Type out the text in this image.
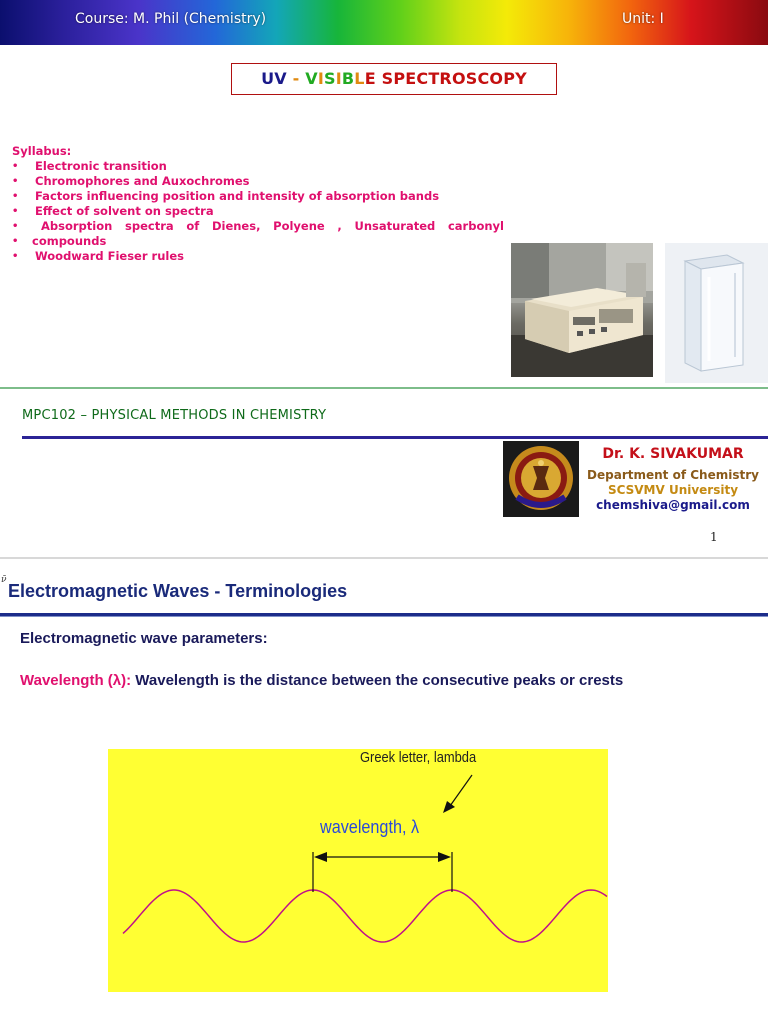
Course: M. Phil (Chemistry)	Unit: I
UV - VISIBLE SPECTROSCOPY
Syllabus:
• Electronic transition
• Chromophores and Auxochromes
• Factors influencing position and intensity of absorption bands
• Effect of solvent on spectra
• Absorption spectra of Dienes, Polyene , Unsaturated carbonyl
• compounds
• Woodward Fieser rules
MPC102 – PHYSICAL METHODS IN CHEMISTRY
Dr. K. SIVAKUMAR
Department of Chemistry
SCSVMV University
chemshiva@gmail.com
1
ν̄
Electromagnetic Waves - Terminologies
Electromagnetic wave parameters:
Wavelength (λ): Wavelength is the distance between the consecutive peaks or crests
Greek letter, lambda
wavelength, λ
